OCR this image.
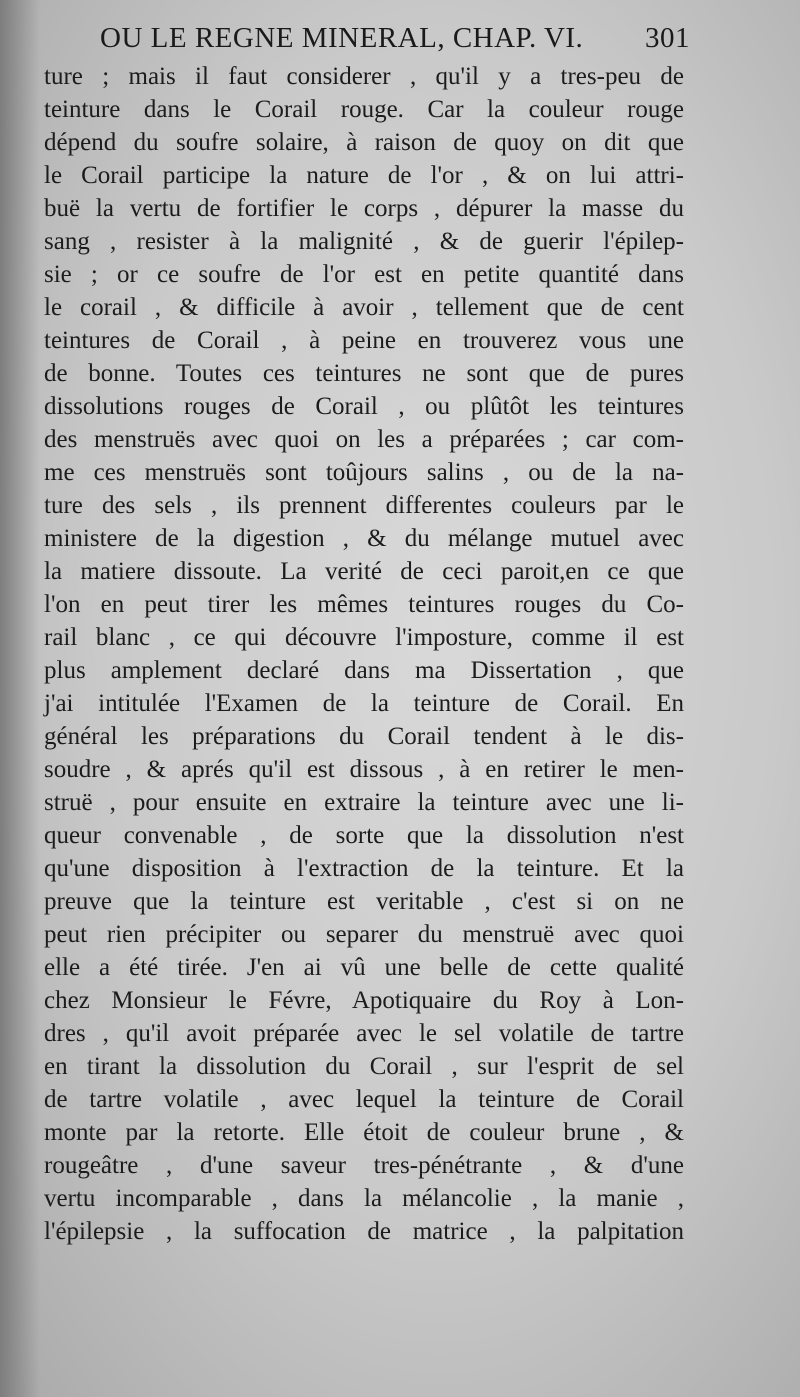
OU LE REGNE MINERAL, CHAP. VI. 301
ture ; mais il faut considerer , qu'il y a tres-peu de
teinture dans le Corail rouge. Car la couleur rouge
dépend du soufre solaire, à raison de quoy on dit que
le Corail participe la nature de l'or , & on lui attri-
buë la vertu de fortifier le corps , dépurer la masse du
sang , resister à la malignité , & de guerir l'épilep-
sie ; or ce soufre de l'or est en petite quantité dans
le corail , & difficile à avoir , tellement que de cent
teintures de Corail , à peine en trouverez vous une
de bonne. Toutes ces teintures ne sont que de pures
dissolutions rouges de Corail , ou plûtôt les teintures
des menstruës avec quoi on les a préparées ; car com-
me ces menstruës sont toûjours salins , ou de la na-
ture des sels , ils prennent differentes couleurs par le
ministere de la digestion , & du mélange mutuel avec
la matiere dissoute. La verité de ceci paroit,en ce que
l'on en peut tirer les mêmes teintures rouges du Co-
rail blanc , ce qui découvre l'imposture, comme il est
plus amplement declaré dans ma Dissertation , que
j'ai intitulée l'Examen de la teinture de Corail. En
général les préparations du Corail tendent à le dis-
soudre , & aprés qu'il est dissous , à en retirer le men-
struë , pour ensuite en extraire la teinture avec une li-
queur convenable , de sorte que la dissolution n'est
qu'une disposition à l'extraction de la teinture. Et la
preuve que la teinture est veritable , c'est si on ne
peut rien précipiter ou separer du menstruë avec quoi
elle a été tirée. J'en ai vû une belle de cette qualité
chez Monsieur le Févre, Apotiquaire du Roy à Lon-
dres , qu'il avoit préparée avec le sel volatile de tartre
en tirant la dissolution du Corail , sur l'esprit de sel
de tartre volatile , avec lequel la teinture de Corail
monte par la retorte. Elle étoit de couleur brune , &
rougeâtre , d'une saveur tres-pénétrante , & d'une
vertu incomparable , dans la mélancolie , la manie ,
l'épilepsie , la suffocation de matrice , la palpitation
